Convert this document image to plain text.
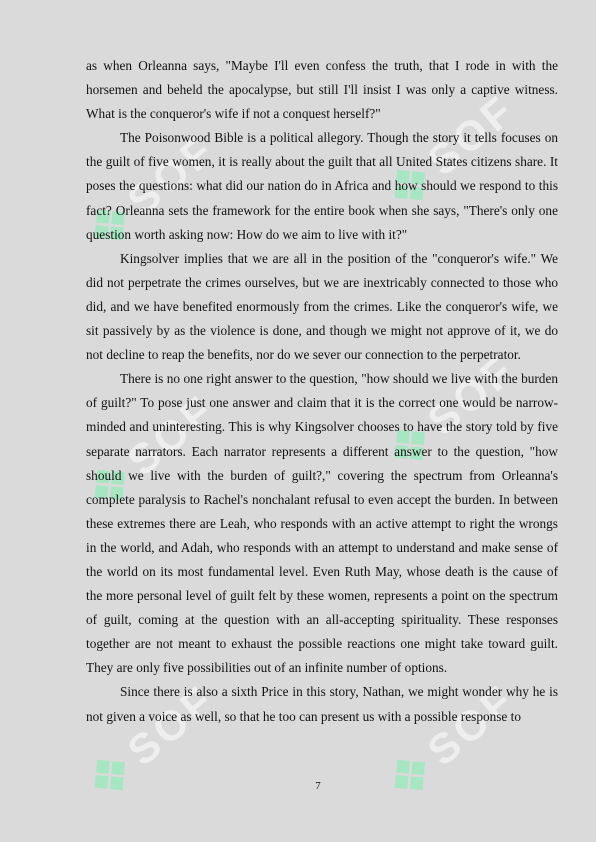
❖SOF	❖SOF
❖SOF	❖SOF
❖SOF
❖SOF

as when Orleanna says, "Maybe I'll even confess the truth, that I rode in with the horsemen and beheld the apocalypse, but still I'll insist I was only a captive witness. What is the conqueror's wife if not a conquest herself?"

The Poisonwood Bible is a political allegory. Though the story it tells focuses on the guilt of five women, it is really about the guilt that all United States citizens share. It poses the questions: what did our nation do in Africa and how should we respond to this fact? Orleanna sets the framework for the entire book when she says, "There's only one question worth asking now: How do we aim to live with it?"

Kingsolver implies that we are all in the position of the "conqueror's wife." We did not perpetrate the crimes ourselves, but we are inextricably connected to those who did, and we have benefited enormously from the crimes. Like the conqueror's wife, we sit passively by as the violence is done, and though we might not approve of it, we do not decline to reap the benefits, nor do we sever our connection to the perpetrator.

There is no one right answer to the question, "how should we live with the burden of guilt?" To pose just one answer and claim that it is the correct one would be narrow-minded and uninteresting. This is why Kingsolver chooses to have the story told by five separate narrators. Each narrator represents a different answer to the question, "how should we live with the burden of guilt?," covering the spectrum from Orleanna's complete paralysis to Rachel's nonchalant refusal to even accept the burden. In between these extremes there are Leah, who responds with an active attempt to right the wrongs in the world, and Adah, who responds with an attempt to understand and make sense of the world on its most fundamental level. Even Ruth May, whose death is the cause of the more personal level of guilt felt by these women, represents a point on the spectrum of guilt, coming at the question with an all-accepting spirituality. These responses together are not meant to exhaust the possible reactions one might take toward guilt. They are only five possibilities out of an infinite number of options.

Since there is also a sixth Price in this story, Nathan, we might wonder why he is not given a voice as well, so that he too can present us with a possible response to

7
